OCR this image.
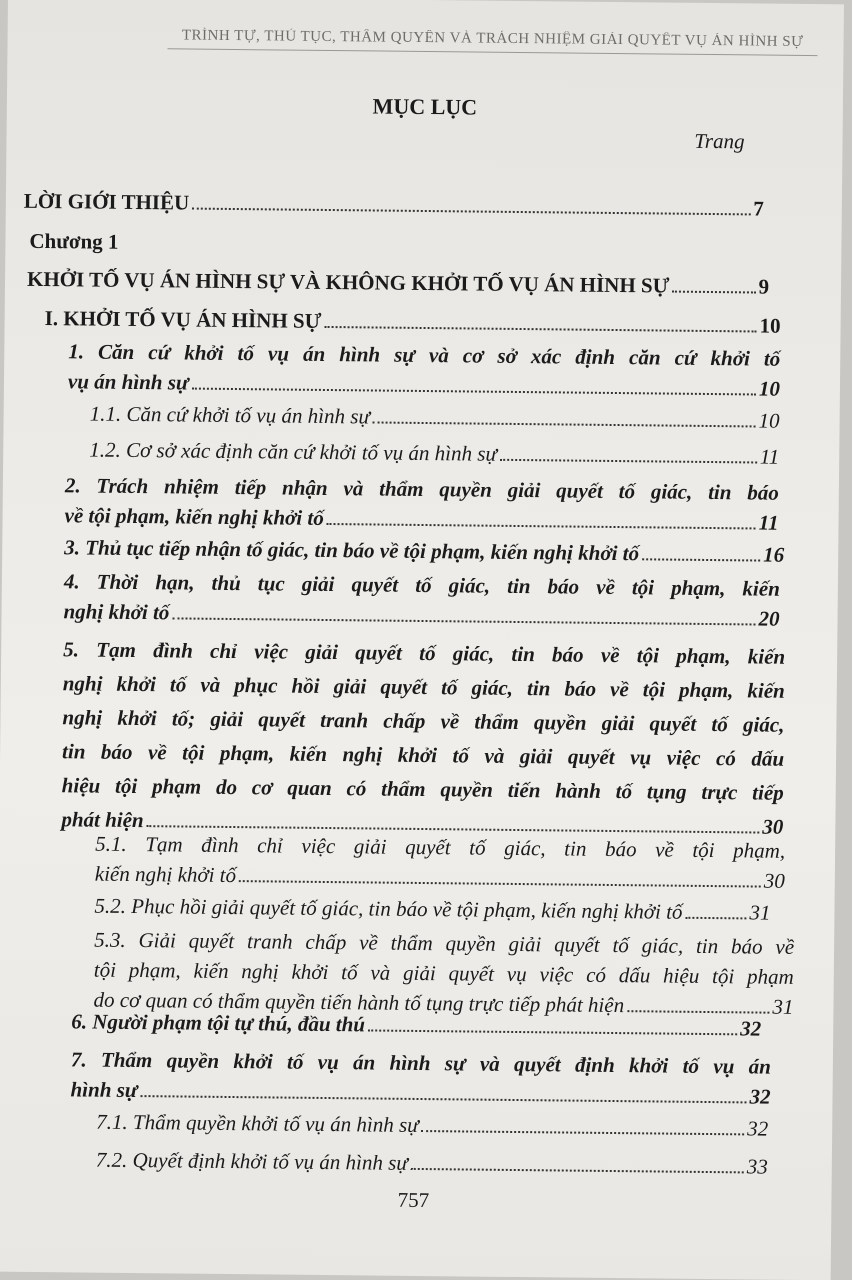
TRÌNH TỰ, THỦ TỤC, THẨM QUYỀN VÀ TRÁCH NHIỆM GIẢI QUYẾT VỤ ÁN HÌNH SỰ
MỤC LỤC
Trang
LỜI GIỚI THIỆU	7
Chương 1
KHỞI TỐ VỤ ÁN HÌNH SỰ VÀ KHÔNG KHỞI TỐ VỤ ÁN HÌNH SỰ	9
I. KHỞI TỐ VỤ ÁN HÌNH SỰ	10
1. Căn cứ khởi tố vụ án hình sự và cơ sở xác định căn cứ khởi tố
vụ án hình sự	10
1.1. Căn cứ khởi tố vụ án hình sự	10
1.2. Cơ sở xác định căn cứ khởi tố vụ án hình sự	11
2. Trách nhiệm tiếp nhận và thẩm quyền giải quyết tố giác, tin báo
về tội phạm, kiến nghị khởi tố	11
3. Thủ tục tiếp nhận tố giác, tin báo về tội phạm, kiến nghị khởi tố	16
4. Thời hạn, thủ tục giải quyết tố giác, tin báo về tội phạm, kiến
nghị khởi tố	20
5. Tạm đình chỉ việc giải quyết tố giác, tin báo về tội phạm, kiến
nghị khởi tố và phục hồi giải quyết tố giác, tin báo về tội phạm, kiến
nghị khởi tố; giải quyết tranh chấp về thẩm quyền giải quyết tố giác,
tin báo về tội phạm, kiến nghị khởi tố và giải quyết vụ việc có dấu
hiệu tội phạm do cơ quan có thẩm quyền tiến hành tố tụng trực tiếp
phát hiện	30
5.1. Tạm đình chỉ việc giải quyết tố giác, tin báo về tội phạm,
kiến nghị khởi tố	30
5.2. Phục hồi giải quyết tố giác, tin báo về tội phạm, kiến nghị khởi tố	31
5.3. Giải quyết tranh chấp về thẩm quyền giải quyết tố giác, tin báo về
tội phạm, kiến nghị khởi tố và giải quyết vụ việc có dấu hiệu tội phạm
do cơ quan có thẩm quyền tiến hành tố tụng trực tiếp phát hiện	31
6. Người phạm tội tự thú, đầu thú	32
7. Thẩm quyền khởi tố vụ án hình sự và quyết định khởi tố vụ án
hình sự	32
7.1. Thẩm quyền khởi tố vụ án hình sự	32
7.2. Quyết định khởi tố vụ án hình sự	33
757
